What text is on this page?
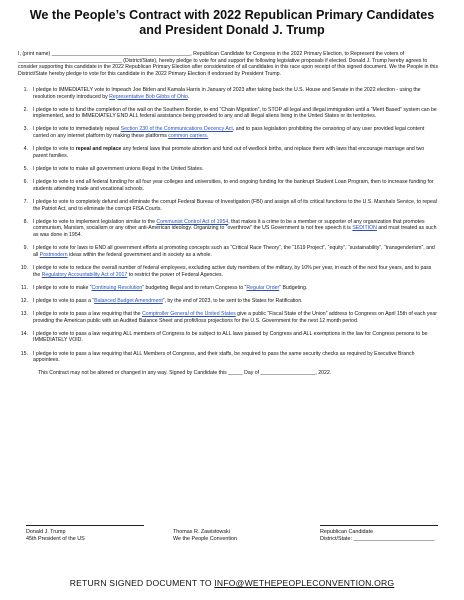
We the People’s Contract with 2022 Republican Primary Candidates
and President Donald J. Trump

I, (print name) ________________________________________________, Republican Candidate for Congress in the 2022 Primary Election, to Represent the voters of ____________________________________ (District/State), hereby pledge to vote for and support the following legislative proposals if elected. Donald J. Trump hereby agrees to consider supporting this candidate in the 2022 Republican Primary Election after consideration of all candidates in this race upon receipt of this signed document. We the People in this District/State hereby pledge to vote for this candidate in the 2022 Primary Election if endorsed by President Trump.

1. I pledge to IMMEDIATELY vote to Impeach Joe Biden and Kamala Harris in January of 2023 after taking back the U.S. House and Senate in the 2022 election - using the resolution recently introduced by Representative Bob Gibbs of Ohio.
2. I pledge to vote to fund the completion of the wall on the Southern Border, to end “Chain Migration”, to STOP all legal and illegal immigration until a “Merit Based” system can be implemented, and to IMMEDIATELY END ALL federal assistance being provided to any and all illegal aliens living in the United States or its territories.
3. I pledge to vote to immediately repeal Section 230 of the Communications Decency Act, and to pass legislation prohibiting the censoring of any user provided legal content carried on any internet platform by making these platforms common carriers.
4. I pledge to vote to repeal and replace any federal laws that promote abortion and fund out of wedlock births, and replace them with laws that encourage marriage and two parent families.
5. I pledge to vote to make all government unions illegal in the United States.
6. I pledge to vote to end all federal funding for all four year colleges and universities, to end ongoing funding for the bankrupt Student Loan Program, then to increase funding for students attending trade and vocational schools.
7. I pledge to vote to completely defund and eliminate the corrupt Federal Bureau of Investigation (FBI) and assign all of its critical functions to the U.S. Marshals Service, to repeal the Patriot Act, and to eliminate the corrupt FISA Courts.
8. I pledge to vote to implement legislation similar to the Communist Control Act of 1954, that makes it a crime to be a member or supporter of any organization that promotes communism, Marxism, socialism or any other anti-American ideology. Organizing to “overthrow” the US Government is not free speech it is SEDITION and must treated as such as was done in 1954.
9. I pledge to vote for laws to END all government efforts at promoting concepts such as “Critical Race Theory”, the “1619 Project”, “equity”, “sustainability”, “transgenderism”, and all Postmodern ideas within the federal government and in society as a whole.
10. I pledge to vote to reduce the overall number of federal employees, excluding active duty members of the military, by 10% per year, in each of the next four years, and to pass the Regulatory Accountability Act of 2017 to restrict the power of Federal Agencies.
11. I pledge to vote to make “Continuing Resolution” budgeting illegal and to return Congress to “Regular Order” Budgeting.
12. I pledge to vote to pass a “Balanced Budget Amendment”, by the end of 2023, to be sent to the States for Ratification.
13. I pledge to vote to pass a law requiring that the Comptroller General of the United States give a public “Fiscal State of the Union” address to Congress on April 15th of each year providing the American public with an Audited Balance Sheet and profit/loss projections for the U.S. Government for the next 12 month period.
14. I pledge to vote to pass a law requiring ALL members of Congress to be subject to ALL laws passed by Congress and ALL exemptions in the law for Congress persons to be IMMEDIATELY VOID.
15. I pledge to vote to pass a law requiring that ALL Members of Congress, and their staffs, be required to pass the same security checks as required by Executive Branch appointees.

This Contract may not be altered or changed in any way. Signed by Candidate this _____ Day of ___________________, 2022.

Donald J. Trump
45th President of the US
Thomas R. Zawistowski
We the People Convention
Republican Candidate
District/State: ___________________________
RETURN SIGNED DOCUMENT TO INFO@WETHEPEOPLECONVENTION.ORG
